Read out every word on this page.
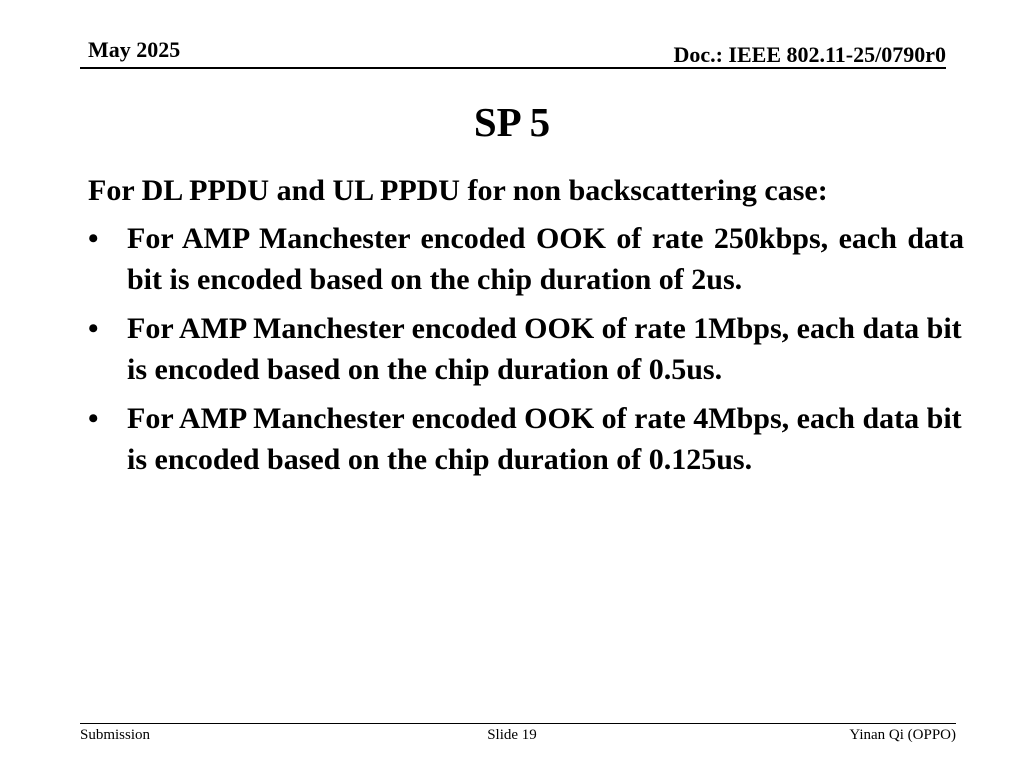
May 2025	Doc.: IEEE 802.11-25/0790r0
SP 5
For DL PPDU and UL PPDU for non backscattering case:
• For AMP Manchester encoded OOK of rate 250kbps, each data bit is encoded based on the chip duration of 2us.
• For AMP Manchester encoded OOK of rate 1Mbps, each data bit is encoded based on the chip duration of 0.5us.
• For AMP Manchester encoded OOK of rate 4Mbps, each data bit is encoded based on the chip duration of 0.125us.
Submission	Slide 19	Yinan Qi (OPPO)
